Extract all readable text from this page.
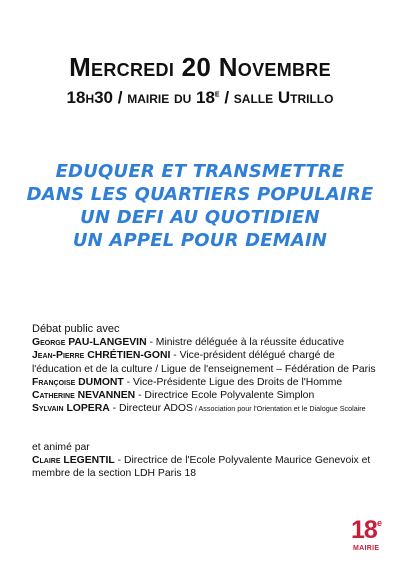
Mercredi 20 Novembre
18h30 / mairie du 18e / salle Utrillo
EDUQUER ET TRANSMETTRE
DANS LES QUARTIERS POPULAIRE
UN DEFI AU QUOTIDIEN
UN APPEL POUR DEMAIN
Débat public avec
George PAU-LANGEVIN - Ministre déléguée à la réussite éducative
Jean-Pierre CHRÉTIEN-GONI - Vice-président délégué chargé de l'éducation et de la culture / Ligue de l'enseignement – Fédération de Paris
Françoise DUMONT - Vice-Présidente Ligue des Droits de l'Homme
Catherine NEVANNEN - Directrice Ecole Polyvalente Simplon
Sylvain LOPERA - Directeur ADOS / Association pour l'Orientation et le Dialogue Scolaire
et animé par
Claire LEGENTIL - Directrice de l'Ecole Polyvalente Maurice Genevoix et membre de la section LDH Paris 18
18 e
MAIRIE
